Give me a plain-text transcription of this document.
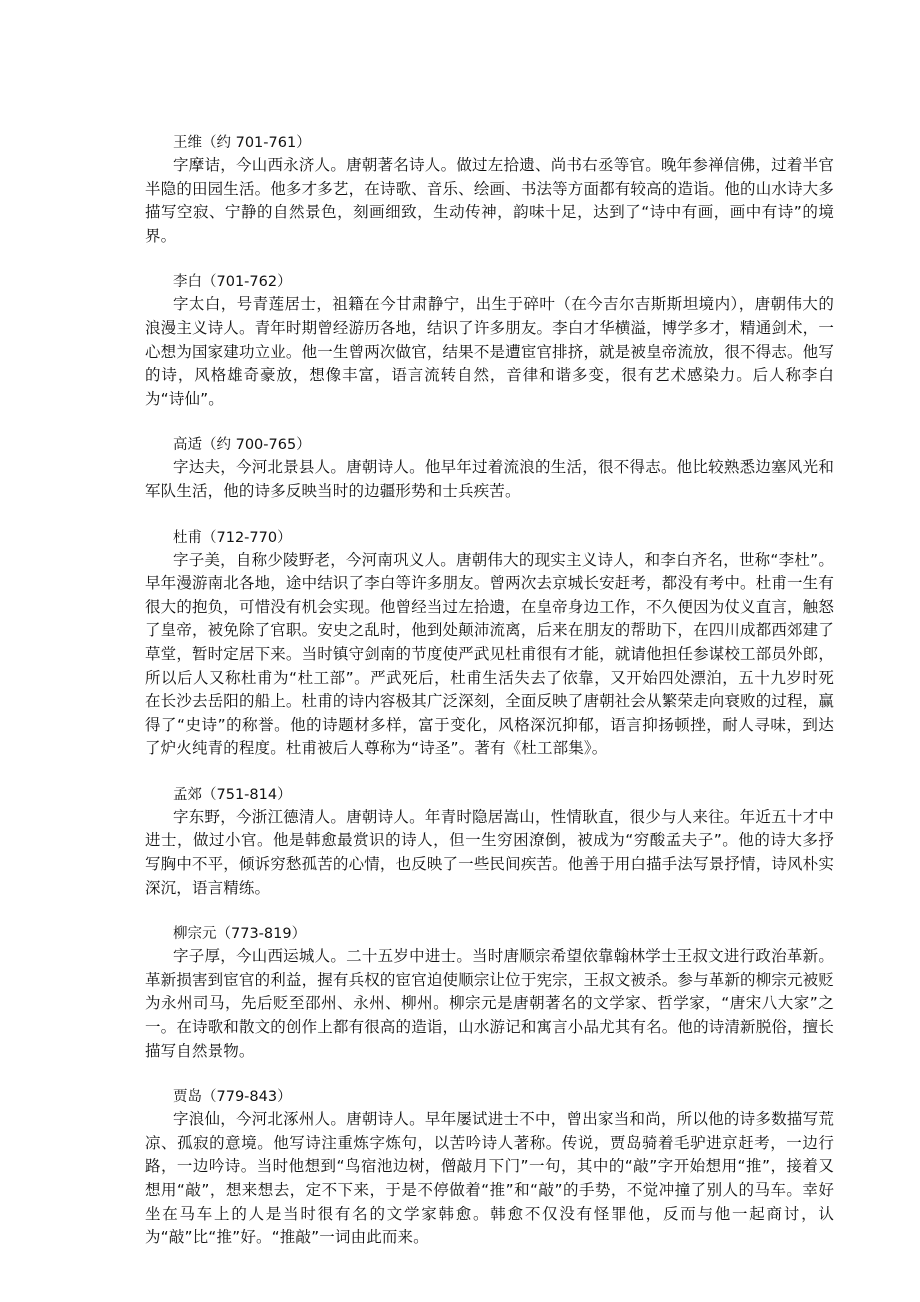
王维（约 701-761）
字摩诘，今山西永济人。唐朝著名诗人。做过左拾遗、尚书右丞等官。晚年参禅信佛，过着半官半隐的田园生活。他多才多艺，在诗歌、音乐、绘画、书法等方面都有较高的造诣。他的山水诗大多描写空寂、宁静的自然景色，刻画细致，生动传神，韵味十足，达到了“诗中有画，画中有诗”的境界。
李白（701-762）
字太白，号青莲居士，祖籍在今甘肃静宁，出生于碎叶（在今吉尔吉斯斯坦境内），唐朝伟大的浪漫主义诗人。青年时期曾经游历各地，结识了许多朋友。李白才华横溢，博学多才，精通剑术，一心想为国家建功立业。他一生曾两次做官，结果不是遭宦官排挤，就是被皇帝流放，很不得志。他写的诗，风格雄奇豪放，想像丰富，语言流转自然，音律和谐多变，很有艺术感染力。后人称李白为“诗仙”。
高适（约 700-765）
字达夫，今河北景县人。唐朝诗人。他早年过着流浪的生活，很不得志。他比较熟悉边塞风光和军队生活，他的诗多反映当时的边疆形势和士兵疾苦。
杜甫（712-770）
字子美，自称少陵野老，今河南巩义人。唐朝伟大的现实主义诗人，和李白齐名，世称“李杜”。早年漫游南北各地，途中结识了李白等许多朋友。曾两次去京城长安赶考，都没有考中。杜甫一生有很大的抱负，可惜没有机会实现。他曾经当过左拾遗，在皇帝身边工作，不久便因为仗义直言，触怒了皇帝，被免除了官职。安史之乱时，他到处颠沛流离，后来在朋友的帮助下，在四川成都西郊建了草堂，暂时定居下来。当时镇守剑南的节度使严武见杜甫很有才能，就请他担任参谋校工部员外郎，所以后人又称杜甫为“杜工部”。严武死后，杜甫生活失去了依靠，又开始四处漂泊，五十九岁时死在长沙去岳阳的船上。杜甫的诗内容极其广泛深刻，全面反映了唐朝社会从繁荣走向衰败的过程，赢得了“史诗”的称誉。他的诗题材多样，富于变化，风格深沉抑郁，语言抑扬顿挫，耐人寻味，到达了炉火纯青的程度。杜甫被后人尊称为“诗圣”。著有《杜工部集》。
孟郊（751-814）
字东野，今浙江德清人。唐朝诗人。年青时隐居嵩山，性情耿直，很少与人来往。年近五十才中进士，做过小官。他是韩愈最赏识的诗人，但一生穷困潦倒，被成为“穷酸孟夫子”。他的诗大多抒写胸中不平，倾诉穷愁孤苦的心情，也反映了一些民间疾苦。他善于用白描手法写景抒情，诗风朴实深沉，语言精练。
柳宗元（773-819）
字子厚，今山西运城人。二十五岁中进士。当时唐顺宗希望依靠翰林学士王叔文进行政治革新。革新损害到宦官的利益，握有兵权的宦官迫使顺宗让位于宪宗，王叔文被杀。参与革新的柳宗元被贬为永州司马，先后贬至邵州、永州、柳州。柳宗元是唐朝著名的文学家、哲学家，“唐宋八大家”之一。在诗歌和散文的创作上都有很高的造诣，山水游记和寓言小品尤其有名。他的诗清新脱俗，擅长描写自然景物。
贾岛（779-843）
字浪仙，今河北涿州人。唐朝诗人。早年屡试进士不中，曾出家当和尚，所以他的诗多数描写荒凉、孤寂的意境。他写诗注重炼字炼句，以苦吟诗人著称。传说，贾岛骑着毛驴进京赶考，一边行路，一边吟诗。当时他想到“鸟宿池边树，僧敲月下门”一句，其中的“敲”字开始想用“推”，接着又想用“敲”，想来想去，定不下来，于是不停做着“推”和“敲”的手势，不觉冲撞了别人的马车。幸好坐在马车上的人是当时很有名的文学家韩愈。韩愈不仅没有怪罪他，反而与他一起商讨，认为“敲”比“推”好。“推敲”一词由此而来。
